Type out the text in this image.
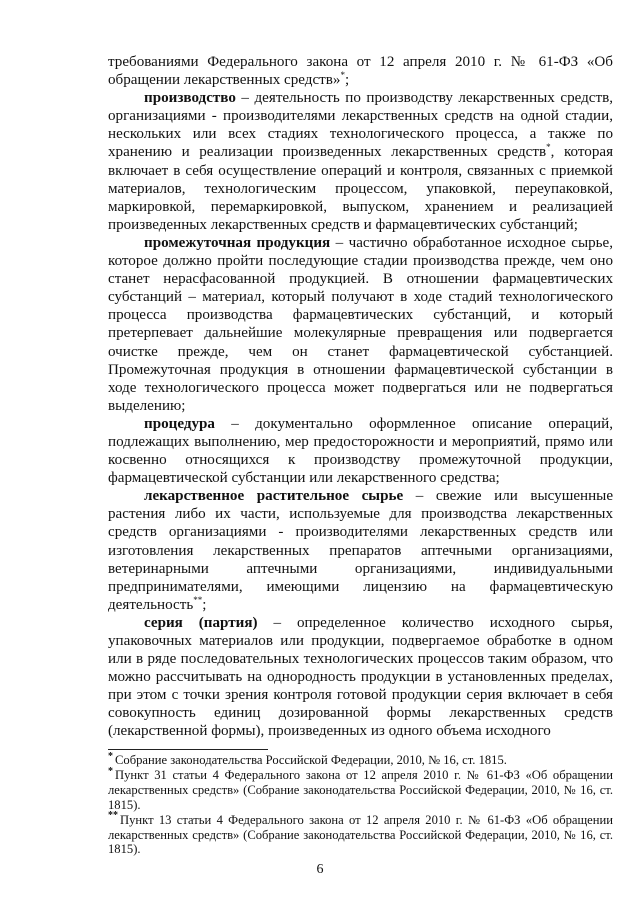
требованиями Федерального закона от 12 апреля 2010 г. № 61-ФЗ «Об обращении лекарственных средств»*;

производство – деятельность по производству лекарственных средств, организациями - производителями лекарственных средств на одной стадии, нескольких или всех стадиях технологического процесса, а также по хранению и реализации произведенных лекарственных средств*, которая включает в себя осуществление операций и контроля, связанных с приемкой материалов, технологическим процессом, упаковкой, переупаковкой, маркировкой, перемаркировкой, выпуском, хранением и реализацией произведенных лекарственных средств и фармацевтических субстанций;

промежуточная продукция – частично обработанное исходное сырье, которое должно пройти последующие стадии производства прежде, чем оно станет нерасфасованной продукцией. В отношении фармацевтических субстанций – материал, который получают в ходе стадий технологического процесса производства фармацевтических субстанций, и который претерпевает дальнейшие молекулярные превращения или подвергается очистке прежде, чем он станет фармацевтической субстанцией. Промежуточная продукция в отношении фармацевтической субстанции в ходе технологического процесса может подвергаться или не подвергаться выделению;

процедура – документально оформленное описание операций, подлежащих выполнению, мер предосторожности и мероприятий, прямо или косвенно относящихся к производству промежуточной продукции, фармацевтической субстанции или лекарственного средства;

лекарственное растительное сырье – свежие или высушенные растения либо их части, используемые для производства лекарственных средств организациями - производителями лекарственных средств или изготовления лекарственных препаратов аптечными организациями, ветеринарными аптечными организациями, индивидуальными предпринимателями, имеющими лицензию на фармацевтическую деятельность**;

серия (партия) – определенное количество исходного сырья, упаковочных материалов или продукции, подвергаемое обработке в одном или в ряде последовательных технологических процессов таким образом, что можно рассчитывать на однородность продукции в установленных пределах, при этом с точки зрения контроля готовой продукции серия включает в себя совокупность единиц дозированной формы лекарственных средств (лекарственной формы), произведенных из одного объема исходного

* Собрание законодательства Российской Федерации, 2010, № 16, ст. 1815.

* Пункт 31 статьи 4 Федерального закона от 12 апреля 2010 г. № 61-ФЗ «Об обращении лекарственных средств» (Собрание законодательства Российской Федерации, 2010, № 16, ст. 1815).

** Пункт 13 статьи 4 Федерального закона от 12 апреля 2010 г. № 61-ФЗ «Об обращении лекарственных средств» (Собрание законодательства Российской Федерации, 2010, № 16, ст. 1815).

6
